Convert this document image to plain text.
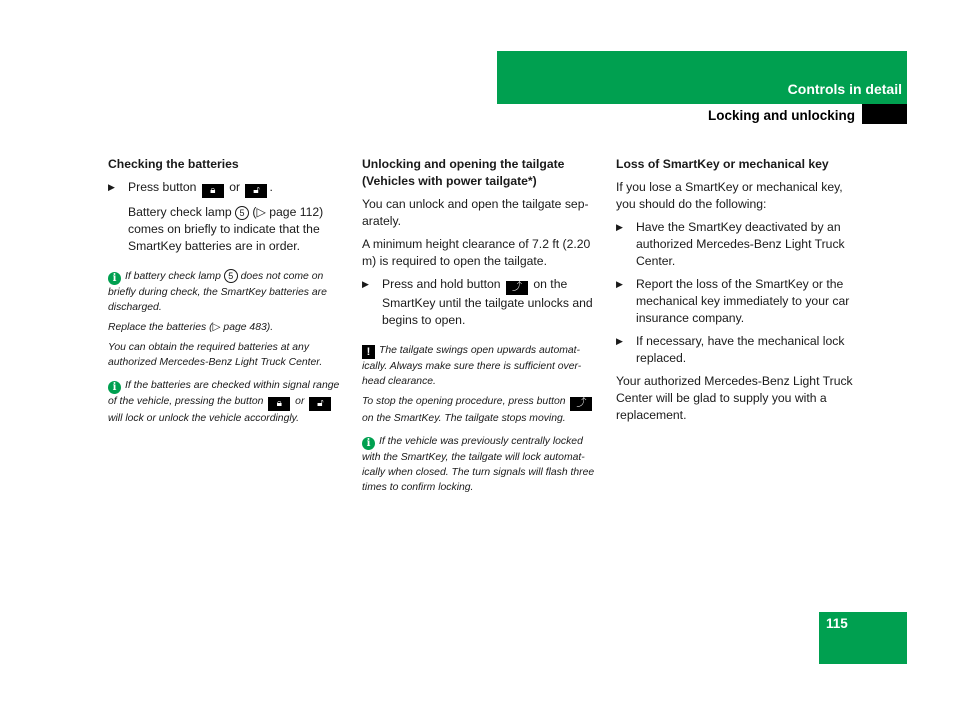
Controls in detail
Locking and unlocking
Checking the batteries
▶ Press button 🔒︎ or 🔓︎ .

Battery check lamp 5 (▷ page 112) comes on briefly to indicate that the SmartKey batteries are in order.

i If battery check lamp 5 does not come on briefly during check, the SmartKey batteries are discharged.

Replace the batteries (▷ page 483).

You can obtain the required batteries at any authorized Mercedes-Benz Light Truck Center.

i If the batteries are checked within signal range of the vehicle, pressing the button 🔒︎ or 🔓︎ will lock or unlock the vehicle accordingly.

Unlocking and opening the tailgate (Vehicles with power tailgate*)

You can unlock and open the tailgate sep-arately.

A minimum height clearance of 7.2 ft (2.20 m) is required to open the tailgate.

▶ Press and hold button ⤴ on the SmartKey until the tailgate unlocks and begins to open.

! The tailgate swings open upwards automat-ically. Always make sure there is sufficient over-head clearance.

To stop the opening procedure, press button ⤴ on the SmartKey. The tailgate stops moving.

i If the vehicle was previously centrally locked with the SmartKey, the tailgate will lock automat-ically when closed. The turn signals will flash three times to confirm locking.

Loss of SmartKey or mechanical key

If you lose a SmartKey or mechanical key, you should do the following:

▶ Have the SmartKey deactivated by an authorized Mercedes-Benz Light Truck Center.
▶ Report the loss of the SmartKey or the mechanical key immediately to your car insurance company.
▶ If necessary, have the mechanical lock replaced.

Your authorized Mercedes-Benz Light Truck Center will be glad to supply you with a replacement.

115
